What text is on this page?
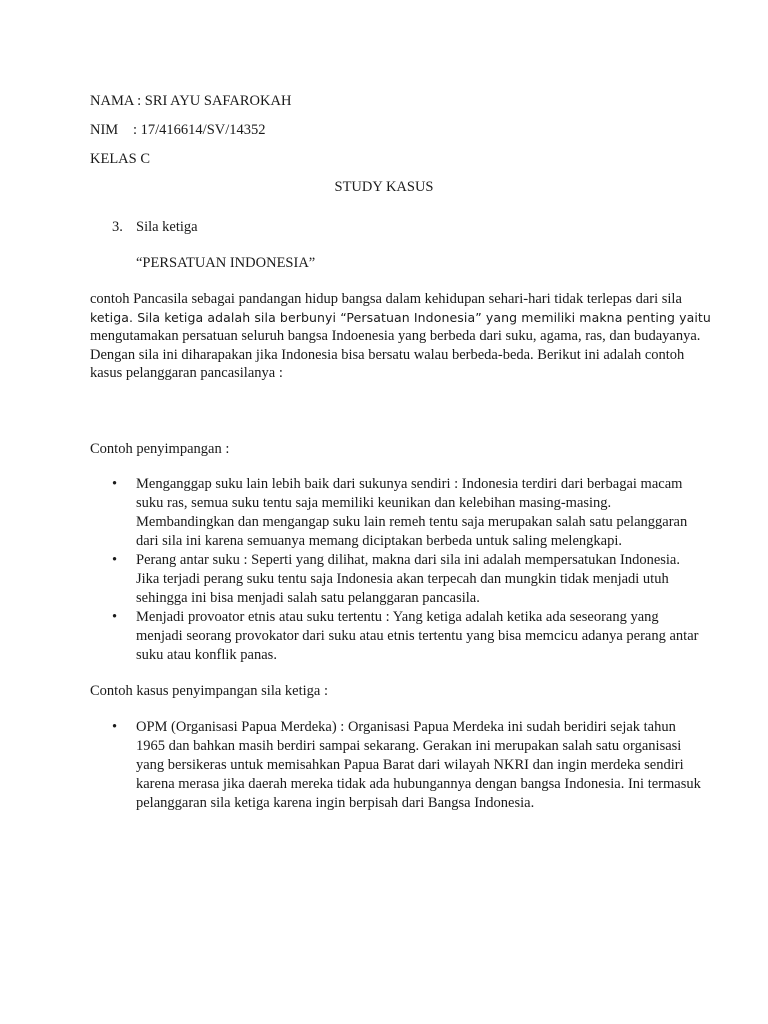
NAMA : SRI AYU SAFAROKAH
NIM : 17/416614/SV/14352
KELAS C
STUDY KASUS
3. Sila ketiga
“PERSATUAN INDONESIA”
contoh Pancasila sebagai pandangan hidup bangsa dalam kehidupan sehari-hari tidak terlepas dari sila
ketiga. Sila ketiga adalah sila berbunyi “Persatuan Indonesia” yang memiliki makna penting yaitu
mengutamakan persatuan seluruh bangsa Indoenesia yang berbeda dari suku, agama, ras, dan budayanya.
Dengan sila ini diharapakan jika Indonesia bisa bersatu walau berbeda-beda. Berikut ini adalah contoh
kasus pelanggaran pancasilanya :
Contoh penyimpangan :
• Menganggap suku lain lebih baik dari sukunya sendiri : Indonesia terdiri dari berbagai macam
suku ras, semua suku tentu saja memiliki keunikan dan kelebihan masing-masing.
Membandingkan dan mengangap suku lain remeh tentu saja merupakan salah satu pelanggaran
dari sila ini karena semuanya memang diciptakan berbeda untuk saling melengkapi.
• Perang antar suku : Seperti yang dilihat, makna dari sila ini adalah mempersatukan Indonesia.
Jika terjadi perang suku tentu saja Indonesia akan terpecah dan mungkin tidak menjadi utuh
sehingga ini bisa menjadi salah satu pelanggaran pancasila.
• Menjadi provoator etnis atau suku tertentu : Yang ketiga adalah ketika ada seseorang yang
menjadi seorang provokator dari suku atau etnis tertentu yang bisa memcicu adanya perang antar
suku atau konflik panas.
Contoh kasus penyimpangan sila ketiga :
• OPM (Organisasi Papua Merdeka) : Organisasi Papua Merdeka ini sudah beridiri sejak tahun
1965 dan bahkan masih berdiri sampai sekarang. Gerakan ini merupakan salah satu organisasi
yang bersikeras untuk memisahkan Papua Barat dari wilayah NKRI dan ingin merdeka sendiri
karena merasa jika daerah mereka tidak ada hubungannya dengan bangsa Indonesia. Ini termasuk
pelanggaran sila ketiga karena ingin berpisah dari Bangsa Indonesia.
